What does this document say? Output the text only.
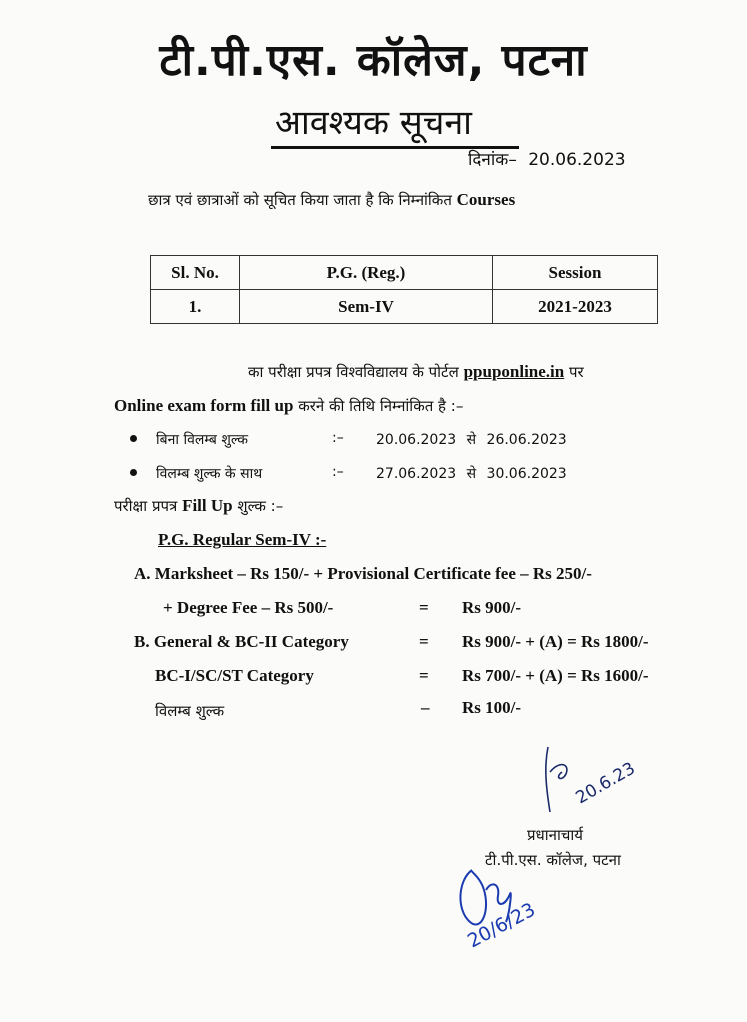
टी.पी.एस. कॉलेज, पटना
आवश्यक सूचना
दिनांक– 20.06.2023
छात्र एवं छात्राओं को सूचित किया जाता है कि निम्नांकित Courses
Sl. No.	P.G. (Reg.)	Session
1.	Sem-IV	2021-2023
का परीक्षा प्रपत्र विश्वविद्यालय के पोर्टल ppuponline.in पर
Online exam form fill up करने की तिथि निम्नांकित है :–
बिना विलम्ब शुल्क	:– 20.06.2023 से 26.06.2023
विलम्ब शुल्क के साथ	:– 27.06.2023 से 30.06.2023
परीक्षा प्रपत्र Fill Up शुल्क :–
P.G. Regular Sem-IV :-
A. Marksheet – Rs 150/- + Provisional Certificate fee – Rs 250/-
+ Degree Fee – Rs 500/-	= Rs 900/-
B. General & BC-II Category	= Rs 900/- + (A) = Rs 1800/-
BC-I/SC/ST Category	= Rs 700/- + (A) = Rs 1600/-
विलम्ब शुल्क	– Rs 100/-
20.6.23
प्रधानाचार्य
टी.पी.एस. कॉलेज, पटना
20/6/23
